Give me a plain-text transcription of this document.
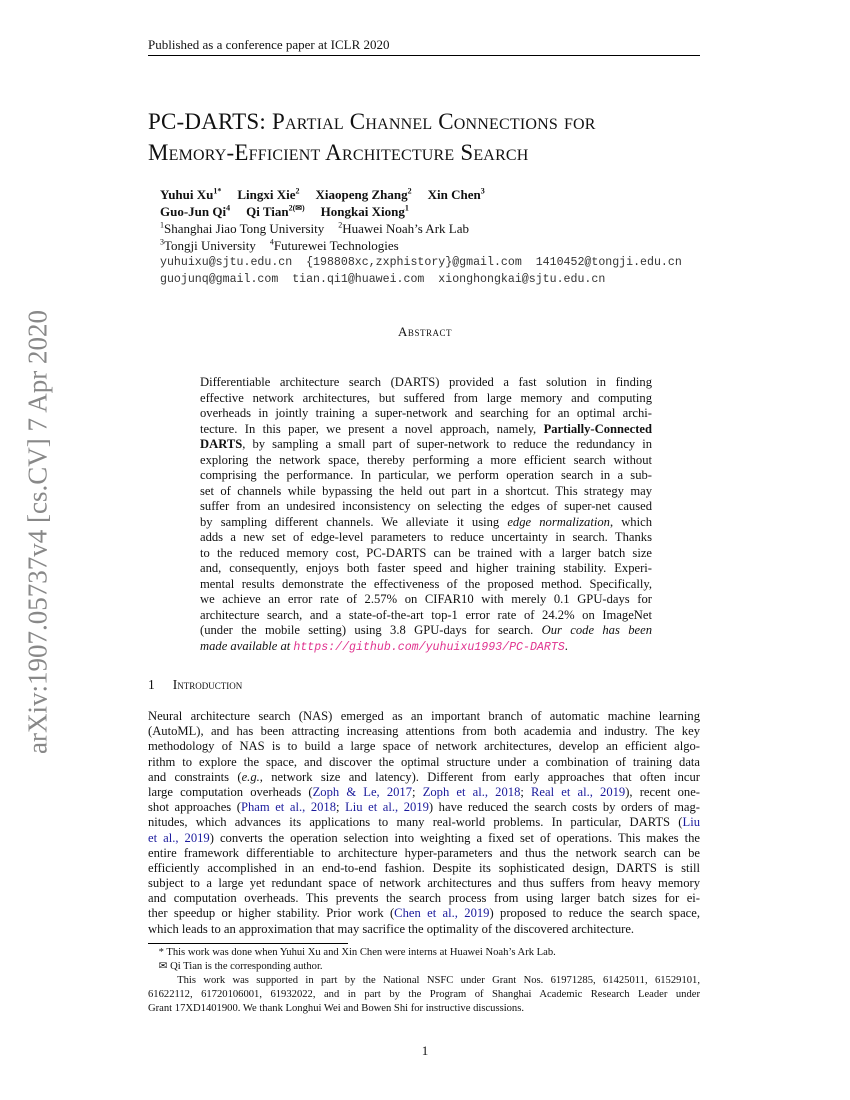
arXiv:1907.05737v4 [cs.CV] 7 Apr 2020
Published as a conference paper at ICLR 2020
PC-DARTS: Partial Channel Connections for
Memory-Efficient Architecture Search
Yuhui $Xu^{1*}$ Lingxi Xie$^2$ Xiaopeng Zhang$^2$ Xin Chen$^3$
Guo-Jun Qi$^4$ Qi Tian$^{2(✉)}$ Hongkai Xiong$^1$
$^1$Shanghai Jiao Tong University $^2$Huawei Noah’s Ark Lab
$^3$Tongji University $^4$Futurewei Technologies
yuhuixu@sjtu.edu.cn  {198808xc,zxphistory}@gmail.com  1410452@tongji.edu.cn
guojunq@gmail.com  tian.qi1@huawei.com  xionghongkai@sjtu.edu.cn
Abstract
Differentiable architecture search (DARTS) provided a fast solution in finding
effective network architectures, but suffered from large memory and computing
overheads in jointly training a super-network and searching for an optimal archi-
tecture. In this paper, we present a novel approach, namely, Partially-Connected
DARTS, by sampling a small part of super-network to reduce the redundancy in
exploring the network space, thereby performing a more efficient search without
comprising the performance. In particular, we perform operation search in a sub-
set of channels while bypassing the held out part in a shortcut. This strategy may
suffer from an undesired inconsistency on selecting the edges of super-net caused
by sampling different channels. We alleviate it using edge normalization, which
adds a new set of edge-level parameters to reduce uncertainty in search. Thanks
to the reduced memory cost, PC-DARTS can be trained with a larger batch size
and, consequently, enjoys both faster speed and higher training stability. Experi-
mental results demonstrate the effectiveness of the proposed method. Specifically,
we achieve an error rate of 2.57% on CIFAR10 with merely 0.1 GPU-days for
architecture search, and a state-of-the-art top-1 error rate of 24.2% on ImageNet
(under the mobile setting) using 3.8 GPU-days for search. Our code has been
made available at https://github.com/yuhuixu1993/PC-DARTS.
1 Introduction
Neural architecture search (NAS) emerged as an important branch of automatic machine learning
(AutoML), and has been attracting increasing attentions from both academia and industry. The key
methodology of NAS is to build a large space of network architectures, develop an efficient algo-
rithm to explore the space, and discover the optimal structure under a combination of training data
and constraints (e.g., network size and latency). Different from early approaches that often incur
large computation overheads (Zoph & Le, 2017; Zoph et al., 2018; Real et al., 2019), recent one-
shot approaches (Pham et al., 2018; Liu et al., 2019) have reduced the search costs by orders of mag-
nitudes, which advances its applications to many real-world problems. In particular, DARTS (Liu
et al., 2019) converts the operation selection into weighting a fixed set of operations. This makes the
entire framework differentiable to architecture hyper-parameters and thus the network search can be
efficiently accomplished in an end-to-end fashion. Despite its sophisticated design, DARTS is still
subject to a large yet redundant space of network architectures and thus suffers from heavy memory
and computation overheads. This prevents the search process from using larger batch sizes for ei-
ther speedup or higher stability. Prior work (Chen et al., 2019) proposed to reduce the search space,
which leads to an approximation that may sacrifice the optimality of the discovered architecture.
* This work was done when Yuhui Xu and Xin Chen were interns at Huawei Noah’s Ark Lab.
✉ Qi Tian is the corresponding author.
This work was supported in part by the National NSFC under Grant Nos. 61971285, 61425011, 61529101,
61622112, 61720106001, 61932022, and in part by the Program of Shanghai Academic Research Leader under
Grant 17XD1401900. We thank Longhui Wei and Bowen Shi for instructive discussions.
1
